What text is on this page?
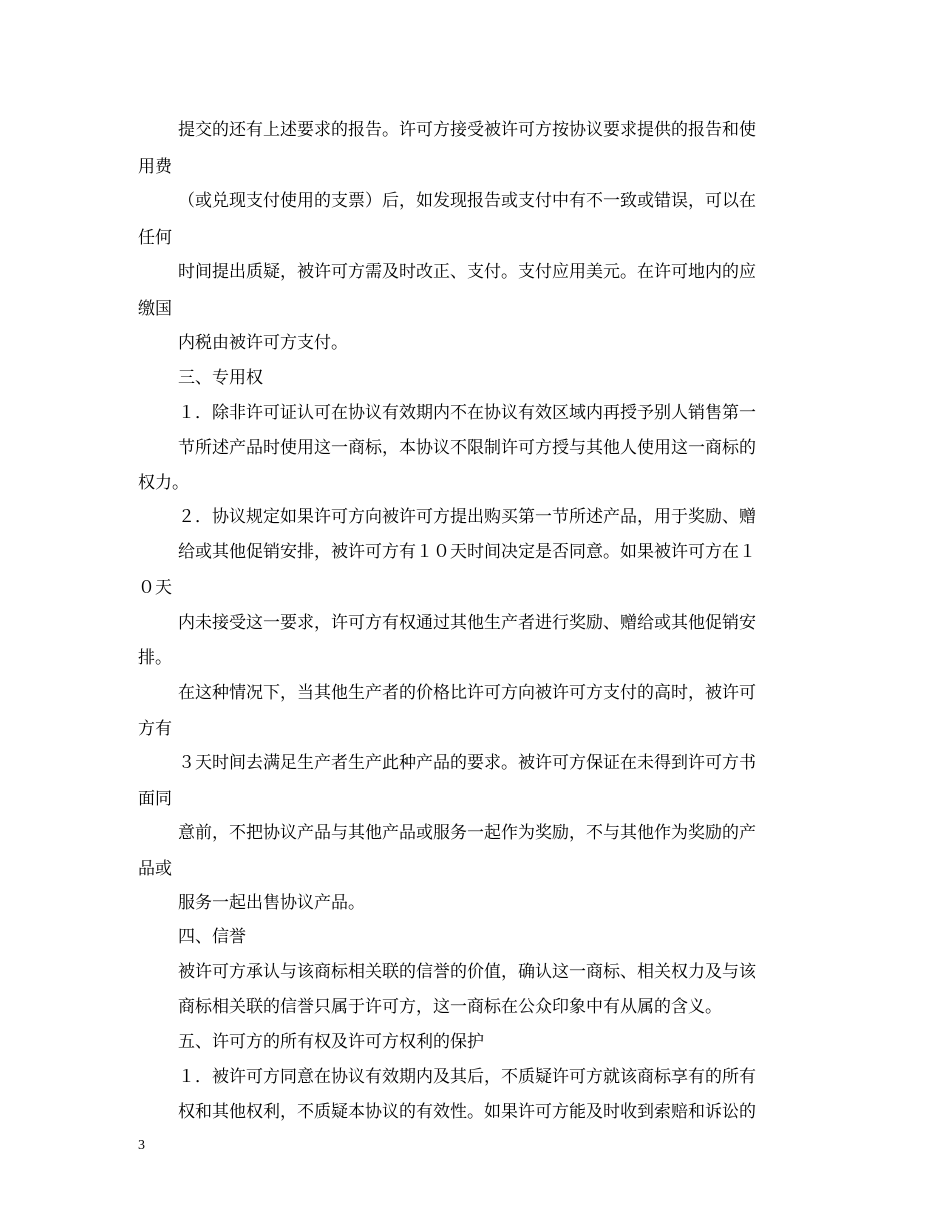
提交的还有上述要求的报告。许可方接受被许可方按协议要求提供的报告和使
用费
（或兑现支付使用的支票）后，如发现报告或支付中有不一致或错误，可以在
任何
时间提出质疑，被许可方需及时改正、支付。支付应用美元。在许可地内的应
缴国
内税由被许可方支付。
三、专用权
１．除非许可证认可在协议有效期内不在协议有效区域内再授予别人销售第一
节所述产品时使用这一商标，本协议不限制许可方授与其他人使用这一商标的
权力。
２．协议规定如果许可方向被许可方提出购买第一节所述产品，用于奖励、赠
给或其他促销安排，被许可方有１０天时间决定是否同意。如果被许可方在１
０天
内未接受这一要求，许可方有权通过其他生产者进行奖励、赠给或其他促销安
排。
在这种情况下，当其他生产者的价格比许可方向被许可方支付的高时，被许可
方有
３天时间去满足生产者生产此种产品的要求。被许可方保证在未得到许可方书
面同
意前，不把协议产品与其他产品或服务一起作为奖励，不与其他作为奖励的产
品或
服务一起出售协议产品。
四、信誉
被许可方承认与该商标相关联的信誉的价值，确认这一商标、相关权力及与该
商标相关联的信誉只属于许可方，这一商标在公众印象中有从属的含义。
五、许可方的所有权及许可方权利的保护
１．被许可方同意在协议有效期内及其后，不质疑许可方就该商标享有的所有
权和其他权利，不质疑本协议的有效性。如果许可方能及时收到索赔和诉讼的
3
